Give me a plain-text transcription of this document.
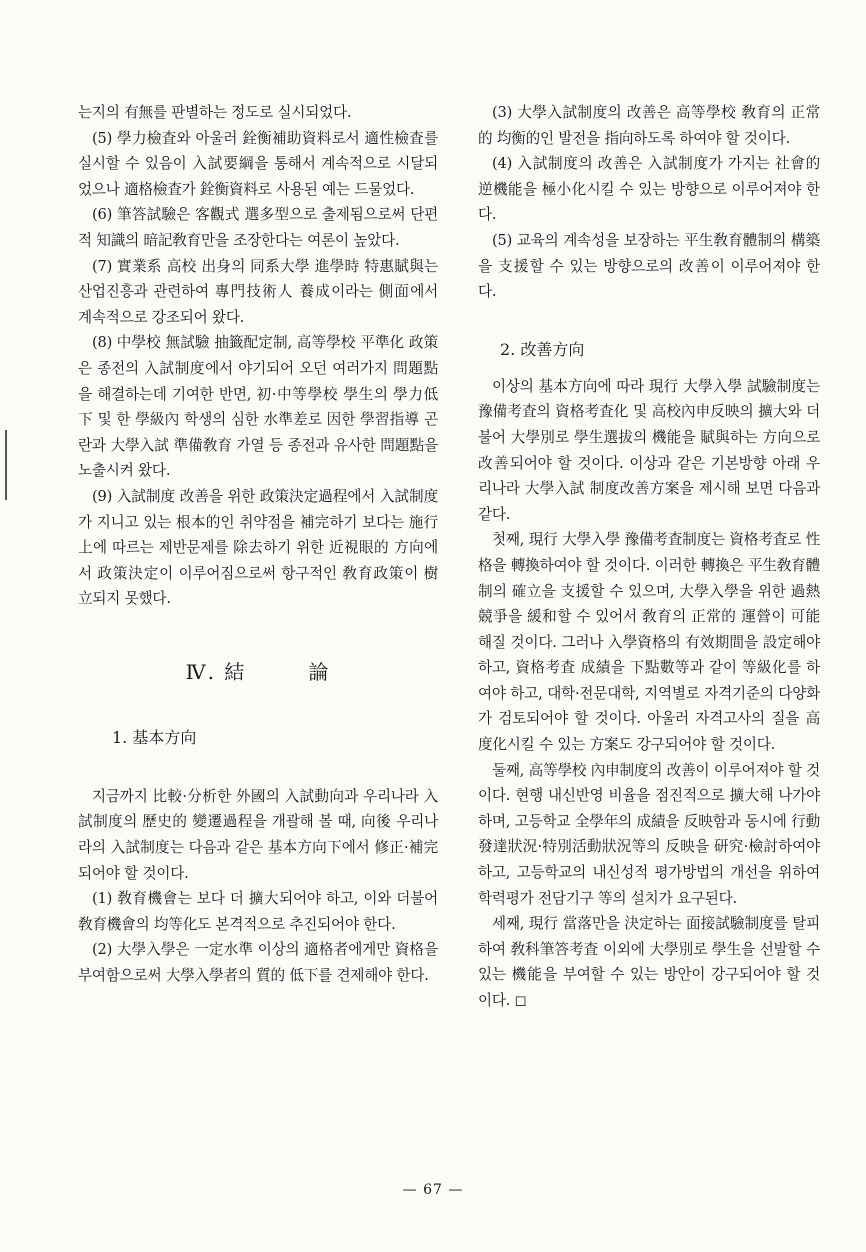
는지의 有無를 판별하는 정도로 실시되었다.

(5) 學力檢査와 아울러 銓衡補助資料로서 適性檢査를 실시할 수 있음이 入試要綱을 통해서 계속적으로 시달되었으나 適格檢査가 銓衡資料로 사용된 예는 드물었다.

(6) 筆答試驗은 客觀式 選多型으로 출제됨으로써 단편적 知識의 暗記敎育만을 조장한다는 여론이 높았다.

(7) 實業系 高校 出身의 同系大學 進學時 特惠賦與는 산업진흥과 관련하여 專門技術人 養成이라는 側面에서 계속적으로 강조되어 왔다.

(8) 中學校 無試驗 抽籤配定制, 高等學校 平準化 政策은 종전의 入試制度에서 야기되어 오던 여러가지 問題點을 해결하는데 기여한 반면, 初·中等學校 學生의 學力低下 및 한 學級內 학생의 심한 水準差로 因한 學習指導 곤란과 大學入試 準備敎育 가열 등 종전과 유사한 問題點을 노출시켜 왔다.

(9) 入試制度 改善을 위한 政策決定過程에서 入試制度가 지니고 있는 根本的인 취약점을 補完하기 보다는 施行上에 따르는 제반문제를 除去하기 위한 近視眼的 方向에서 政策決定이 이루어짐으로써 항구적인 敎育政策이 樹立되지 못했다.

Ⅳ. 結	論
1. 基本方向

지금까지 比較·分析한 外國의 入試動向과 우리나라 入試制度의 歷史的 變遷過程을 개괄해 볼 때, 向後 우리나라의 入試制度는 다음과 같은 基本方向下에서 修正·補完되어야 할 것이다.

(1) 敎育機會는 보다 더 擴大되어야 하고, 이와 더불어 敎育機會의 均等化도 본격적으로 추진되어야 한다.

(2) 大學入學은 一定水準 이상의 適格者에게만 資格을 부여함으로써 大學入學者의 質的 低下를 견제해야 한다.

(3) 大學入試制度의 改善은 高等學校 敎育의 正常的 均衡的인 발전을 指向하도록 하여야 할 것이다.

(4) 入試制度의 改善은 入試制度가 가지는 社會的 逆機能을 極小化시킬 수 있는 방향으로 이루어져야 한다.

(5) 교육의 계속성을 보장하는 平生敎育體制의 構築을 支援할 수 있는 방향으로의 改善이 이루어져야 한다.

2. 改善方向

이상의 基本方向에 따라 現行 大學入學 試驗制度는 豫備考査의 資格考査化 및 高校內申反映의 擴大와 더불어 大學別로 學生選拔의 機能을 賦與하는 方向으로 改善되어야 할 것이다. 이상과 같은 기본방향 아래 우리나라 大學入試 制度改善方案을 제시해 보면 다음과 같다.

첫째, 現行 大學入學 豫備考査制度는 資格考査로 性格을 轉換하여야 할 것이다. 이러한 轉換은 平生敎育體制의 確立을 支援할 수 있으며, 大學入學을 위한 過熱競爭을 緩和할 수 있어서 敎育의 正常的 運營이 可能해질 것이다. 그러나 入學資格의 有效期間을 設定해야 하고, 資格考査 成績을 下點數等과 같이 等級化를 하여야 하고, 대학·전문대학, 지역별로 자격기준의 다양화가 검토되어야 할 것이다. 아울러 자격고사의 질을 高度化시킬 수 있는 方案도 강구되어야 할 것이다.

둘째, 高等學校 內申制度의 改善이 이루어져야 할 것이다. 현행 내신반영 비율을 점진적으로 擴大해 나가야 하며, 고등학교 全學年의 成績을 反映함과 동시에 行動發達狀況·特別活動狀況等의 反映을 研究·檢討하여야 하고, 고등학교의 내신성적 평가방법의 개선을 위하여 학력평가 전담기구 等의 설치가 요구된다.

세째, 現行 當落만을 決定하는 面接試驗制度를 탈피하여 敎科筆答考査 이외에 大學別로 學生을 선발할 수 있는 機能을 부여할 수 있는 방안이 강구되어야 할 것이다. ◻

— 67 —
